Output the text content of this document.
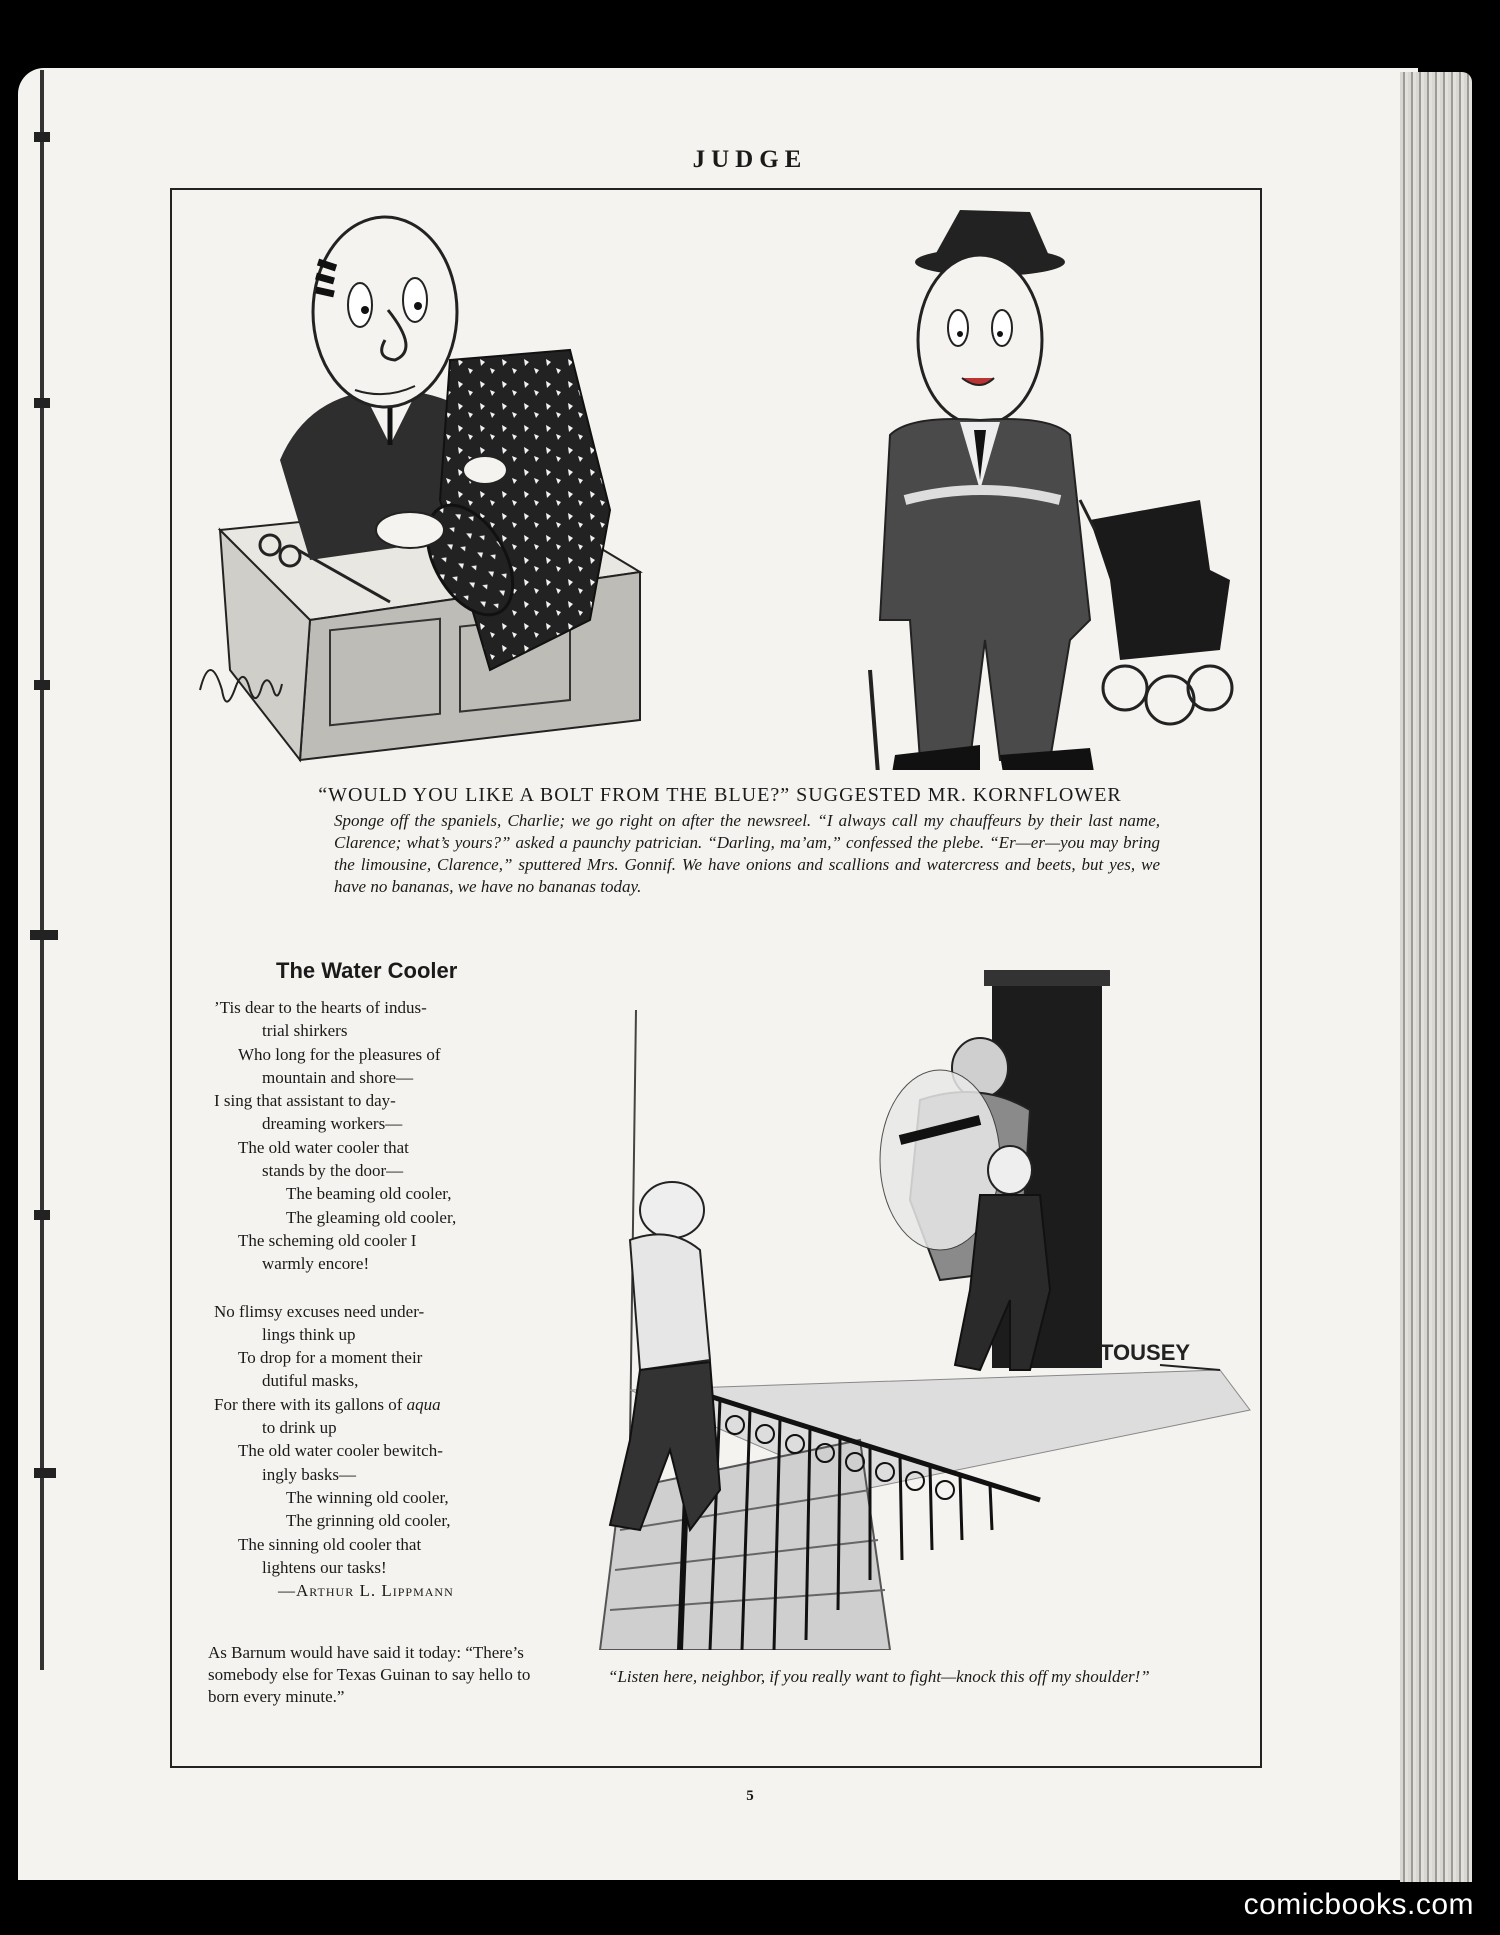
JUDGE
“WOULD YOU LIKE A BOLT FROM THE BLUE?” SUGGESTED MR. KORNFLOWER
Sponge off the spaniels, Charlie; we go right on after the newsreel. “I always call my chauffeurs by their last name, Clarence; what’s yours?” asked a paunchy patrician. “Darling, ma’am,” confessed the plebe. “Er—er—you may bring the limousine, Clarence,” sputtered Mrs. Gonnif. We have onions and scallions and watercress and beets, but yes, we have no bananas, we have no bananas today.
The Water Cooler
’Tis dear to the hearts of indus-
trial shirkers
Who long for the pleasures of
mountain and shore—
I sing that assistant to day-
dreaming workers—
The old water cooler that
stands by the door—
The beaming old cooler,
The gleaming old cooler,
The scheming old cooler I
warmly encore!
No flimsy excuses need under-
lings think up
To drop for a moment their
dutiful masks,
For there with its gallons of aqua
to drink up
The old water cooler bewitch-
ingly basks—
The winning old cooler,
The grinning old cooler,
The sinning old cooler that
lightens our tasks!
—Arthur L. Lippmann
As Barnum would have said it today: “There’s somebody else for Texas Guinan to say hello to born every minute.”
TOUSEY
“Listen here, neighbor, if you really want to fight—knock this off my shoulder!”
5
comicbooks.com
